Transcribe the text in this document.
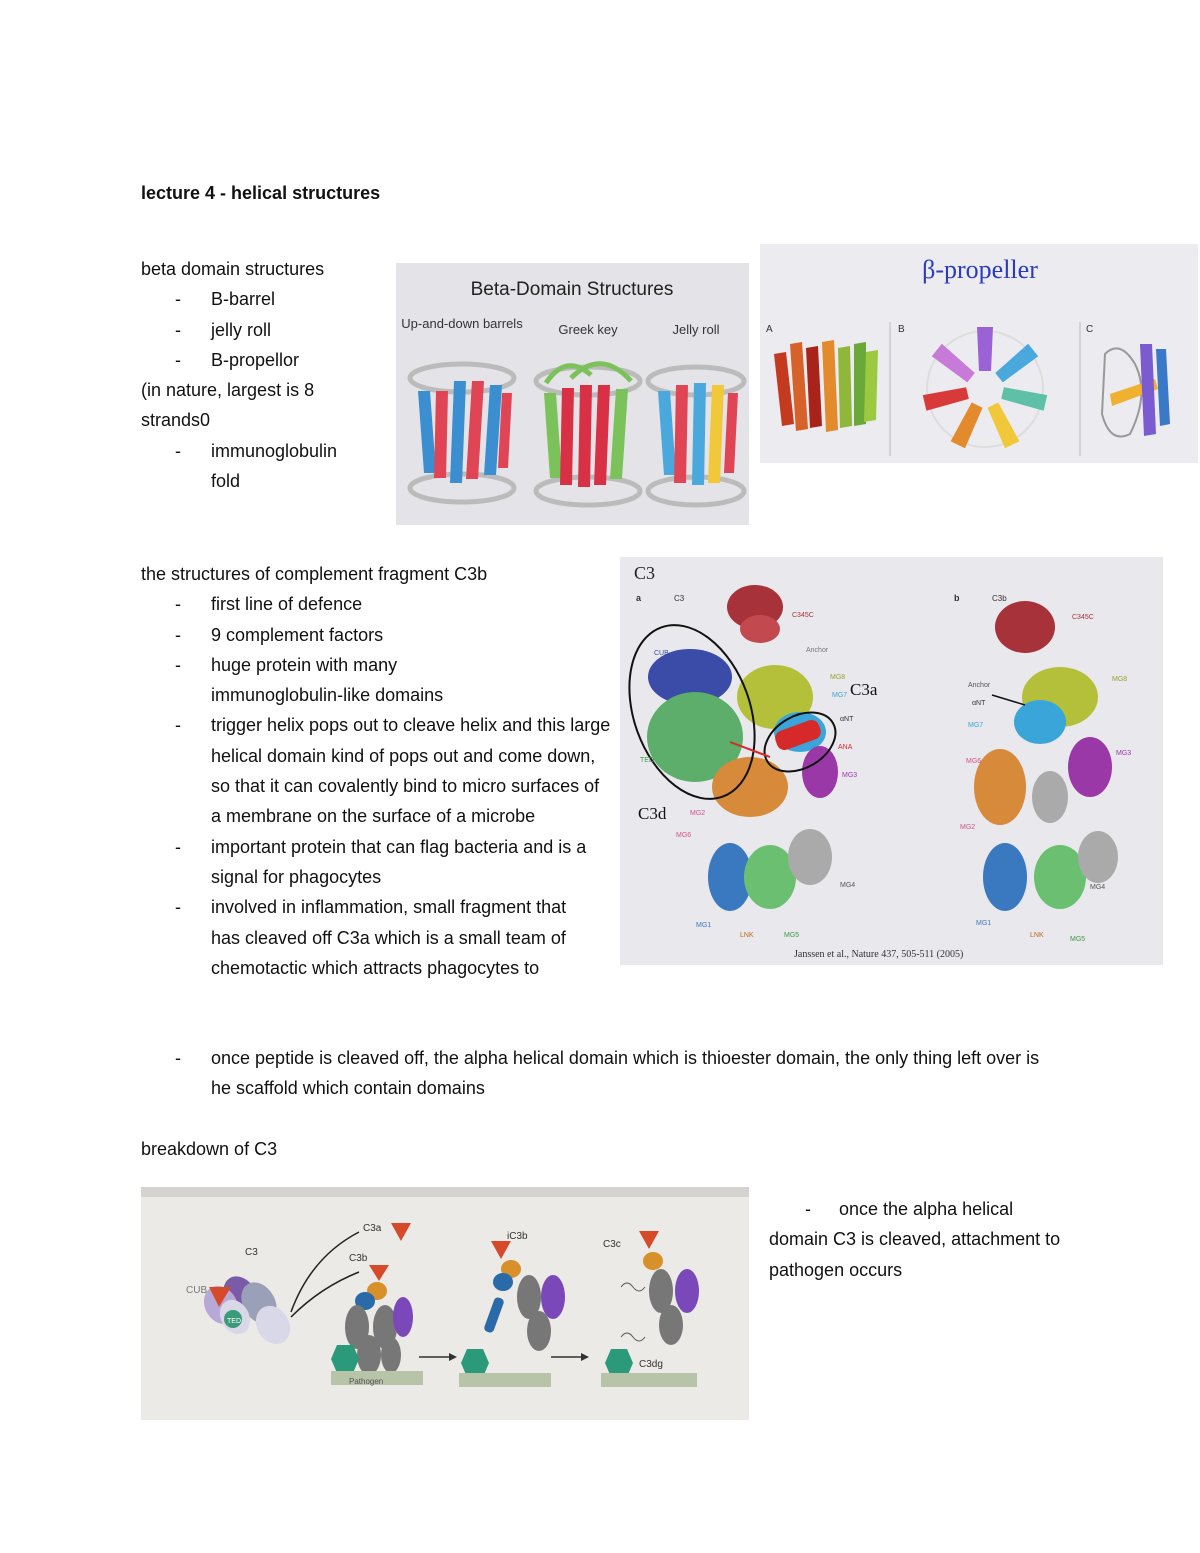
lecture 4 - helical structures
beta domain structures
- B-barrel
- jelly roll
- B-propellor
(in nature, largest is 8 strands0
- immunoglobulin fold
Beta-Domain Structures
Up-and-down barrels	Greek key	Jelly roll
β-propeller
A	B	C
the structures of complement fragment C3b
- first line of defence
- 9 complement factors
- huge protein with many immunoglobulin-like domains
- trigger helix pops out to cleave helix and this large helical domain kind of pops out and come down, so that it can covalently bind to micro surfaces of a membrane on the surface of a microbe
- important protein that can flag bacteria and is a signal for phagocytes
- involved in inflammation, small fragment that has cleaved off C3a which is a small team of chemotactic which attracts phagocytes to
- once peptide is cleaved off, the alpha helical domain which is thioester domain, the only thing left over is he scaffold which contain domains
C3
a	C3	b	C3b
C3a
C3d
CUB
TED
C345C
Anchor
MG8
MG7
αNT
ANA
MG3
MG6
MG2
MG1
LNK	MG5
MG4
C345C
Anchor
αNT
MG8
MG7
MG3
MG6
MG2
MG1
LNK
MG5
MG4
Janssen et al., Nature 437, 505-511 (2005)
breakdown of C3
C3
CUB
TED
C3a
C3b
Pathogen
iC3b
C3c
C3dg
- once the alpha helical domain C3 is cleaved, attachment to pathogen occurs
